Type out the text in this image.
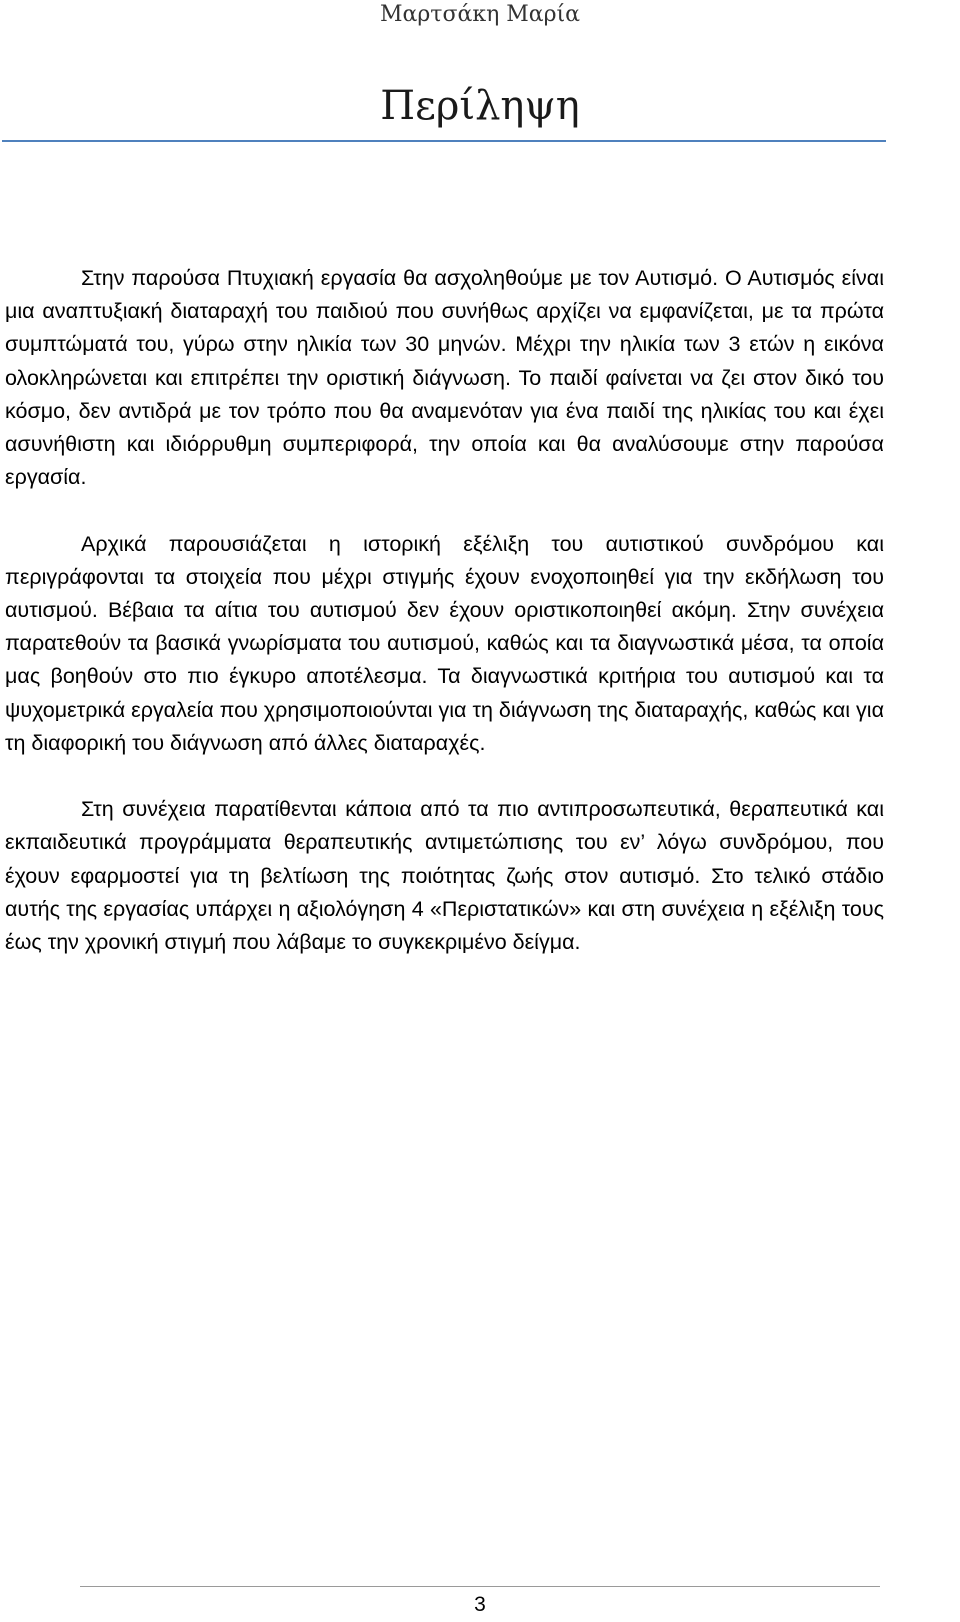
Μαρτσάκη Μαρία
Περίληψη

Στην παρούσα Πτυχιακή εργασία θα ασχοληθούμε με τον Αυτισμό. Ο Αυτισμός είναι μια αναπτυξιακή διαταραχή του παιδιού που συνήθως αρχίζει να εμφανίζεται, με τα πρώτα συμπτώματά του, γύρω στην ηλικία των 30 μηνών. Μέχρι την ηλικία των 3 ετών η εικόνα ολοκληρώνεται και επιτρέπει την οριστική διάγνωση. Το παιδί φαίνεται να ζει στον δικό του κόσμο, δεν αντιδρά με τον τρόπο που θα αναμενόταν για ένα παιδί της ηλικίας του και έχει ασυνήθιστη και ιδιόρρυθμη συμπεριφορά, την οποία και θα αναλύσουμε στην παρούσα εργασία.

Αρχικά παρουσιάζεται η ιστορική εξέλιξη του αυτιστικού συνδρόμου και περιγράφονται τα στοιχεία που μέχρι στιγμής έχουν ενοχοποιηθεί για την εκδήλωση του αυτισμού. Βέβαια τα αίτια του αυτισμού δεν έχουν οριστικοποιηθεί ακόμη. Στην συνέχεια παρατεθούν τα βασικά γνωρίσματα του αυτισμού, καθώς και τα διαγνωστικά μέσα, τα οποία μας βοηθούν στο πιο έγκυρο αποτέλεσμα. Τα διαγνωστικά κριτήρια του αυτισμού και τα ψυχομετρικά εργαλεία που χρησιμοποιούνται για τη διάγνωση της διαταραχής, καθώς και για τη διαφορική του διάγνωση από άλλες διαταραχές.

Στη συνέχεια παρατίθενται κάποια από τα πιο αντιπροσωπευτικά, θεραπευτικά και εκπαιδευτικά προγράμματα θεραπευτικής αντιμετώπισης του εν’ λόγω συνδρόμου, που έχουν εφαρμοστεί για τη βελτίωση της ποιότητας ζωής στον αυτισμό. Στο τελικό στάδιο αυτής της εργασίας υπάρχει η αξιολόγηση 4 «Περιστατικών» και στη συνέχεια η εξέλιξη τους έως την χρονική στιγμή που λάβαμε το συγκεκριμένο δείγμα.

3
